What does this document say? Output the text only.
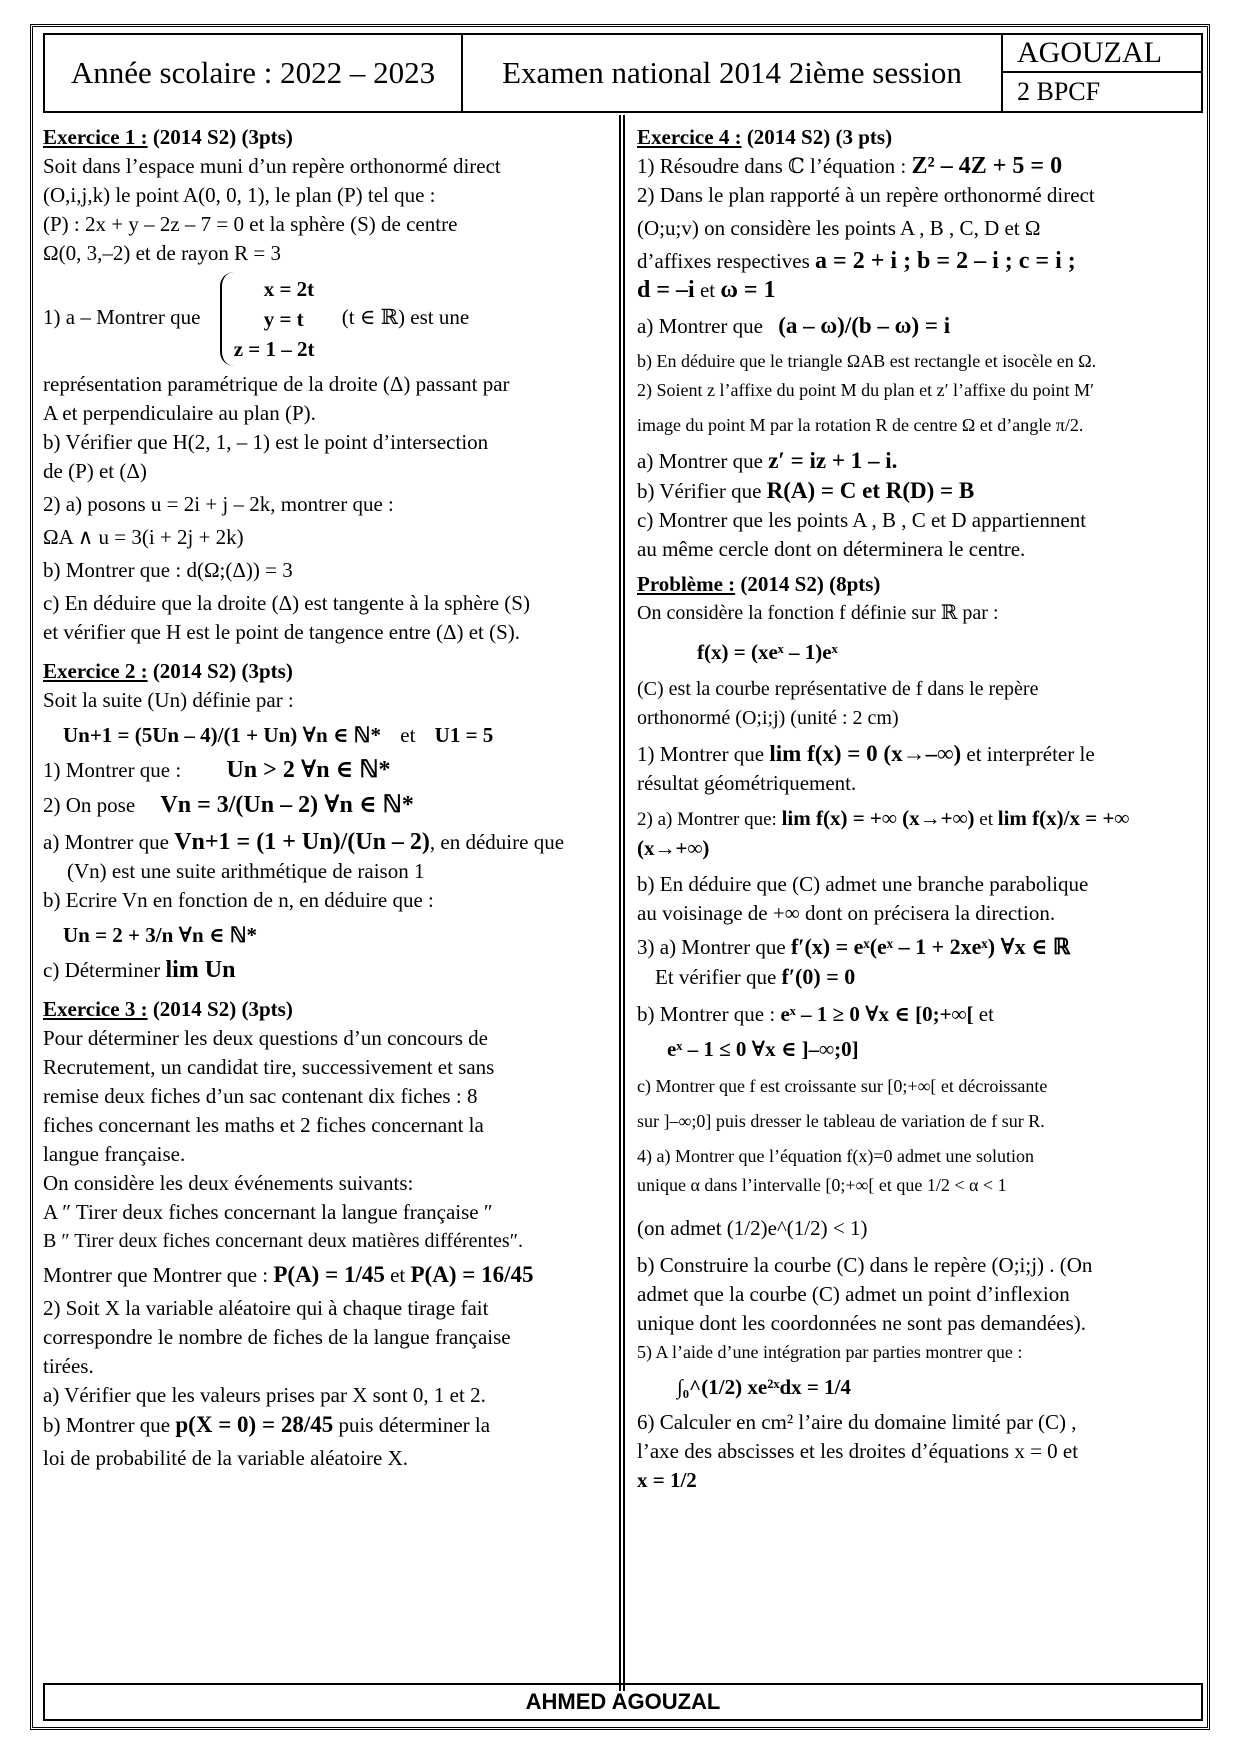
Année scolaire : 2022 – 2023	Examen national 2014 2ième session
AGOUZAL
2 BPCF

Exercice 1 : (2014 S2) (3pts)

Soit dans l’espace muni d’un repère orthonormé direct

(O,i,j,k) le point A(0, 0, 1), le plan (P) tel que :

(P) : 2x + y – 2z – 7 = 0 et la sphère (S) de centre

Ω(0, 3,–2) et de rayon R = 3

1) a – Montrer que
x = 2t
y = t
z = 1 – 2t
(t ∈ ℝ) est une

représentation paramétrique de la droite (Δ) passant par

A et perpendiculaire au plan (P).

b) Vérifier que H(2, 1, – 1) est le point d’intersection

de (P) et (Δ)

2) a) posons u = 2i + j – 2k, montrer que :

ΩA ∧ u = 3(i + 2j + 2k)

b) Montrer que : d(Ω;(Δ)) = 3

c) En déduire que la droite (Δ) est tangente à la sphère (S)

et vérifier que H est le point de tangence entre (Δ) et (S).

Exercice 2 : (2014 S2) (3pts)

Soit la suite (Un) définie par :

Un+1 = (5Un – 4)/(1 + Un) ∀n ∈ ℕ* et U1 = 5

1) Montrer que : Un > 2 ∀n ∈ ℕ*

2) On pose Vn = 3/(Un – 2) ∀n ∈ ℕ*

a) Montrer que Vn+1 = (1 + Un)/(Un – 2), en déduire que

(Vn) est une suite arithmétique de raison 1

b) Ecrire Vn en fonction de n, en déduire que :

Un = 2 + 3/n ∀n ∈ ℕ*

c) Déterminer lim Un

Exercice 3 : (2014 S2) (3pts)

Pour déterminer les deux questions d’un concours de

Recrutement, un candidat tire, successivement et sans

remise deux fiches d’un sac contenant dix fiches : 8

fiches concernant les maths et 2 fiches concernant la

langue française.

On considère les deux événements suivants:

A ″ Tirer deux fiches concernant la langue française ″

B ″ Tirer deux fiches concernant deux matières différentes″.

Montrer que Montrer que : P(A) = 1/45 et P(A) = 16/45

2) Soit X la variable aléatoire qui à chaque tirage fait

correspondre le nombre de fiches de la langue française

tirées.

a) Vérifier que les valeurs prises par X sont 0, 1 et 2.

b) Montrer que p(X = 0) = 28/45 puis déterminer la

loi de probabilité de la variable aléatoire X.

Exercice 4 : (2014 S2) (3 pts)

1) Résoudre dans ℂ l’équation : Z² – 4Z + 5 = 0

2) Dans le plan rapporté à un repère orthonormé direct

(O;u;v) on considère les points A , B , C, D et Ω

d’affixes respectives a = 2 + i ; b = 2 – i ; c = i ;

d = –i et ω = 1

a) Montrer que (a – ω)/(b – ω) = i

b) En déduire que le triangle ΩAB est rectangle et isocèle en Ω.

2) Soient z l’affixe du point M du plan et z′ l’affixe du point M′

image du point M par la rotation R de centre Ω et d’angle π/2.

a) Montrer que z′ = iz + 1 – i.

b) Vérifier que R(A) = C et R(D) = B

c) Montrer que les points A , B , C et D appartiennent

au même cercle dont on déterminera le centre.

Problème : (2014 S2) (8pts)

On considère la fonction f définie sur ℝ par :

f(x) = (xeˣ – 1)eˣ

(C) est la courbe représentative de f dans le repère

orthonormé (O;i;j) (unité : 2 cm)

1) Montrer que lim f(x) = 0 (x→–∞) et interpréter le

résultat géométriquement.

2) a) Montrer que: lim f(x) = +∞ (x→+∞) et lim f(x)/x = +∞ (x→+∞)

b) En déduire que (C) admet une branche parabolique

au voisinage de +∞ dont on précisera la direction.

3) a) Montrer que f′(x) = eˣ(eˣ – 1 + 2xeˣ) ∀x ∈ ℝ

Et vérifier que f′(0) = 0

b) Montrer que : eˣ – 1 ≥ 0 ∀x ∈ [0;+∞[ et

eˣ – 1 ≤ 0 ∀x ∈ ]–∞;0]

c) Montrer que f est croissante sur [0;+∞[ et décroissante

sur ]–∞;0] puis dresser le tableau de variation de f sur R.

4) a) Montrer que l’équation f(x)=0 admet une solution

unique α dans l’intervalle [0;+∞[ et que 1/2 < α < 1

(on admet (1/2)e^(1/2) < 1)

b) Construire la courbe (C) dans le repère (O;i;j) . (On

admet que la courbe (C) admet un point d’inflexion

unique dont les coordonnées ne sont pas demandées).

5) A l’aide d’une intégration par parties montrer que :

∫₀^(1/2) xe²ˣdx = 1/4

6) Calculer en cm² l’aire du domaine limité par (C) ,

l’axe des abscisses et les droites d’équations x = 0 et

x = 1/2

AHMED AGOUZAL
